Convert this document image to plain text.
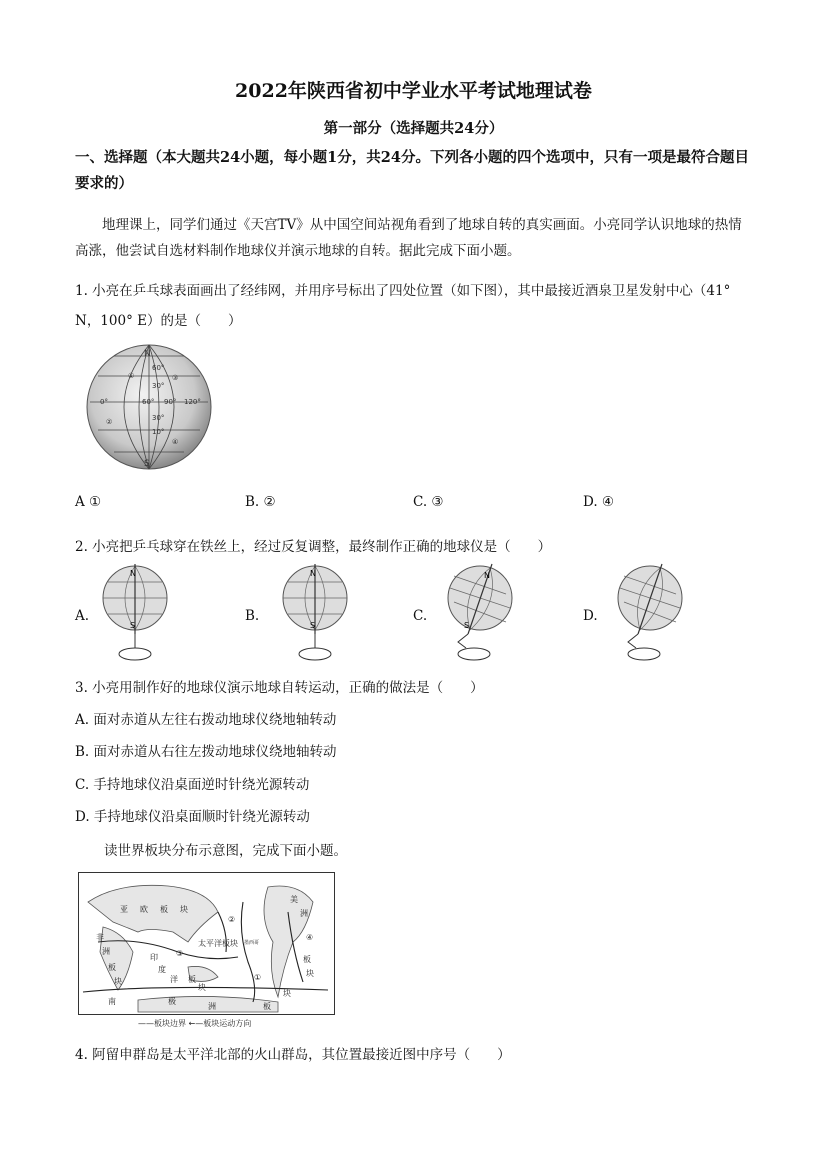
2022年陕西省初中学业水平考试地理试卷
第一部分（选择题共24分）
一、选择题（本大题共24小题，每小题1分，共24分。下列各小题的四个选项中，只有一项是最符合题目要求的）
地理课上，同学们通过《天宫TV》从中国空间站视角看到了地球自转的真实画面。小亮同学认识地球的热情高涨，他尝试自选材料制作地球仪并演示地球的自转。据此完成下面小题。
1. 小亮在乒乓球表面画出了经纬网，并用序号标出了四处位置（如下图），其中最接近酒泉卫星发射中心（41° N，100° E）的是（　　）
①
②
③
④
60°
30°
0°	60° 90° 120°
30°
10°
N
S
A ①	B. ②	C. ③	D. ④
2. 小亮把乒乓球穿在铁丝上，经过反复调整，最终制作正确的地球仪是（　　）
A.
N
S
B.
N
S
C.
N
S
D.
3. 小亮用制作好的地球仪演示地球自转运动，正确的做法是（　　）
A. 面对赤道从左往右拨动地球仪绕地轴转动
B. 面对赤道从右往左拨动地球仪绕地轴转动
C. 手持地球仪沿桌面逆时针绕光源转动
D. 手持地球仪沿桌面顺时针绕光源转动
读世界板块分布示意图，完成下面小题。
亚 欧 板 块
非
洲
板
块
印
度
洋 板
块
太平洋板块 墨西哥
美
洲
板
块
南	极
洲	板
块
①
②
③
④
——板块边界 ←—板块运动方向
4. 阿留申群岛是太平洋北部的火山群岛，其位置最接近图中序号（　　）
